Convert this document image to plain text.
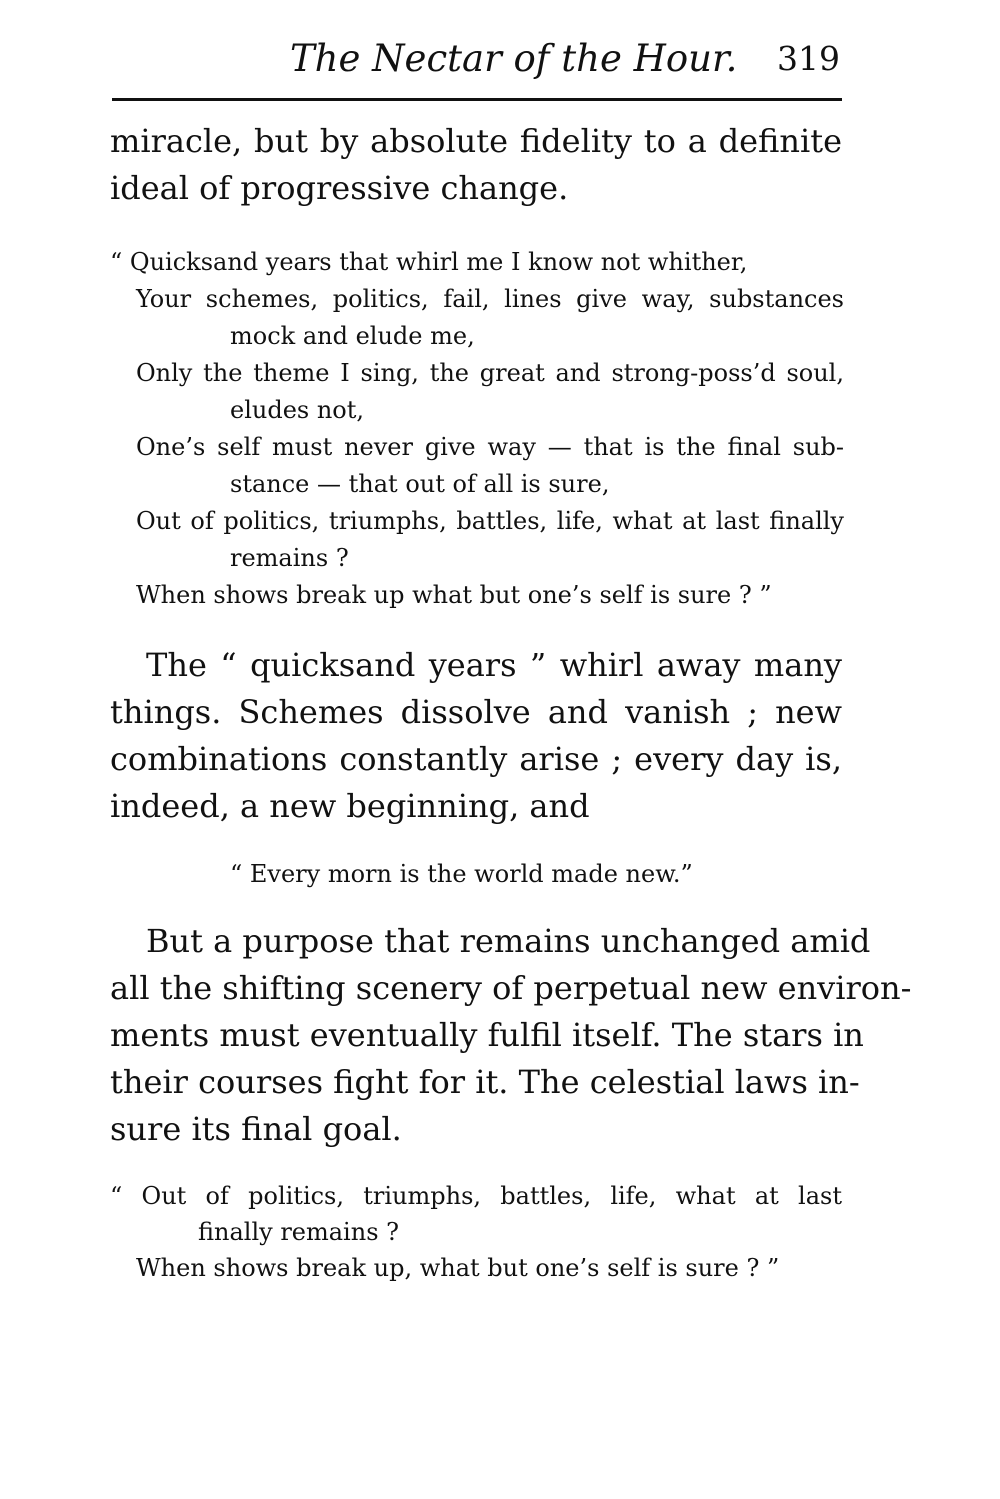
The Nectar of the Hour. 319
miracle, but by absolute fidelity to a definite
ideal of progressive change.
“ Quicksand years that whirl me I know not whither,
Your schemes, politics, fail, lines give way, substances
mock and elude me,
Only the theme I sing, the great and strong-poss’d soul,
eludes not,
One’s self must never give way — that is the final sub-
stance — that out of all is sure,
Out of politics, triumphs, battles, life, what at last finally
remains ?
When shows break up what but one’s self is sure ? ”
The “ quicksand years ” whirl away many
things. Schemes dissolve and vanish ; new
combinations constantly arise ; every day is,
indeed, a new beginning, and
“ Every morn is the world made new.”
But a purpose that remains unchanged amid
all the shifting scenery of perpetual new environ-
ments must eventually fulfil itself. The stars in
their courses fight for it. The celestial laws in-
sure its final goal.
“ Out of politics, triumphs, battles, life, what at last
finally remains ?
When shows break up, what but one’s self is sure ? ”
